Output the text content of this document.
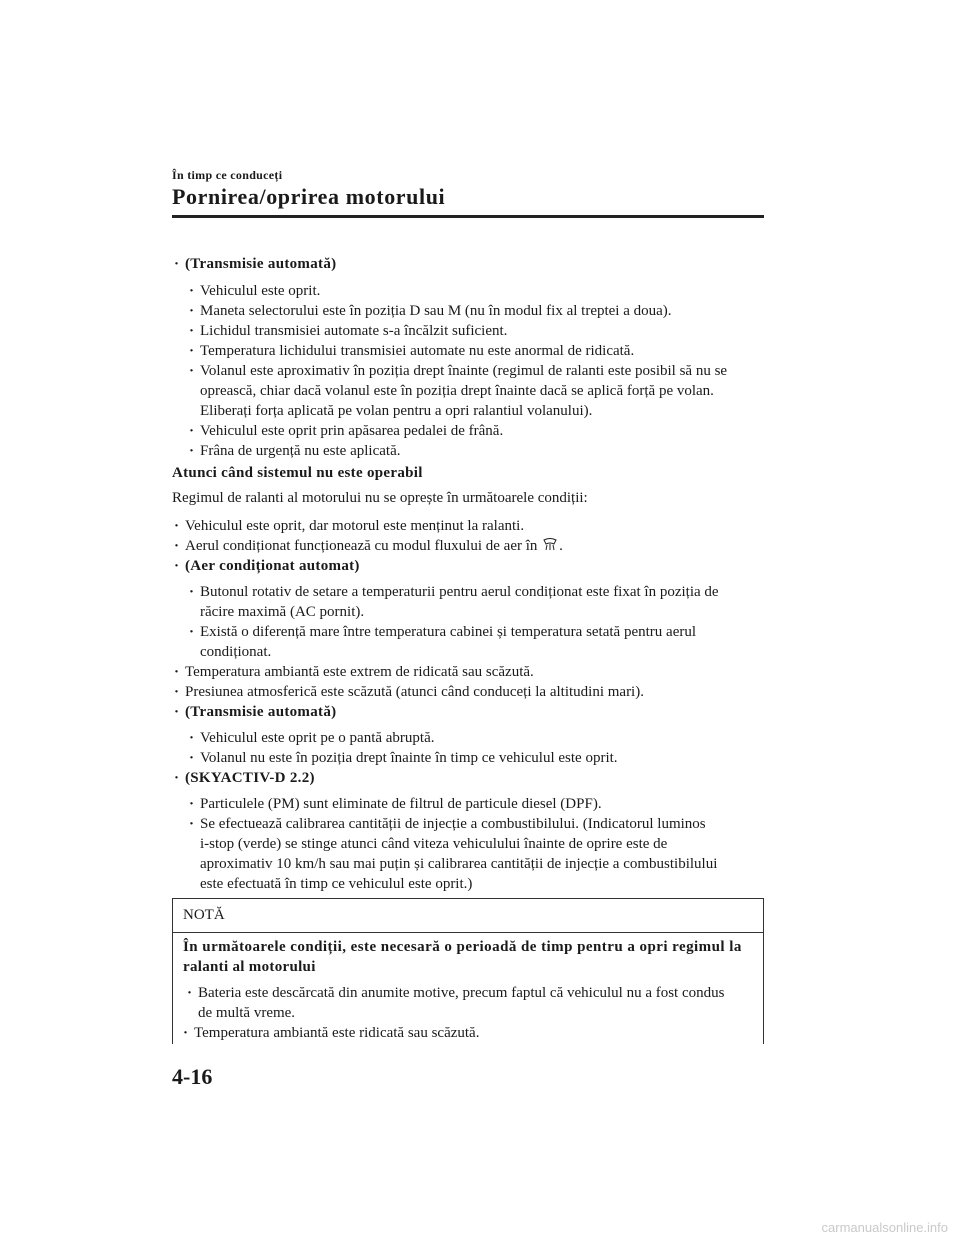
În timp ce conduceți
Pornirea/oprirea motorului
· (Transmisie automată)
· Vehiculul este oprit.
· Maneta selectorului este în poziția D sau M (nu în modul fix al treptei a doua).
· Lichidul transmisiei automate s-a încălzit suficient.
· Temperatura lichidului transmisiei automate nu este anormal de ridicată.
· Volanul este aproximativ în poziția drept înainte (regimul de ralanti este posibil să nu se
oprească, chiar dacă volanul este în poziția drept înainte dacă se aplică forță pe volan.
Eliberați forța aplicată pe volan pentru a opri ralantiul volanului).
· Vehiculul este oprit prin apăsarea pedalei de frână.
· Frâna de urgență nu este aplicată.
Atunci când sistemul nu este operabil
Regimul de ralanti al motorului nu se oprește în următoarele condiții:
· Vehiculul este oprit, dar motorul este menținut la ralanti.
· Aerul condiționat funcționează cu modul fluxului de aer în .
· (Aer condiționat automat)
· Butonul rotativ de setare a temperaturii pentru aerul condiționat este fixat în poziția de
răcire maximă (AC pornit).
· Există o diferență mare între temperatura cabinei și temperatura setată pentru aerul
condiționat.
· Temperatura ambiantă este extrem de ridicată sau scăzută.
· Presiunea atmosferică este scăzută (atunci când conduceți la altitudini mari).
· (Transmisie automată)
· Vehiculul este oprit pe o pantă abruptă.
· Volanul nu este în poziția drept înainte în timp ce vehiculul este oprit.
· (SKYACTIV-D 2.2)
· Particulele (PM) sunt eliminate de filtrul de particule diesel (DPF).
· Se efectuează calibrarea cantității de injecție a combustibilului. (Indicatorul luminos
i-stop (verde) se stinge atunci când viteza vehiculului înainte de oprire este de
aproximativ 10 km/h sau mai puțin și calibrarea cantității de injecție a combustibilului
este efectuată în timp ce vehiculul este oprit.)
NOTĂ
În următoarele condiții, este necesară o perioadă de timp pentru a opri regimul la
ralanti al motorului
· Bateria este descărcată din anumite motive, precum faptul că vehiculul nu a fost condus
de multă vreme.
· Temperatura ambiantă este ridicată sau scăzută.
4-16
carmanualsonline.info
